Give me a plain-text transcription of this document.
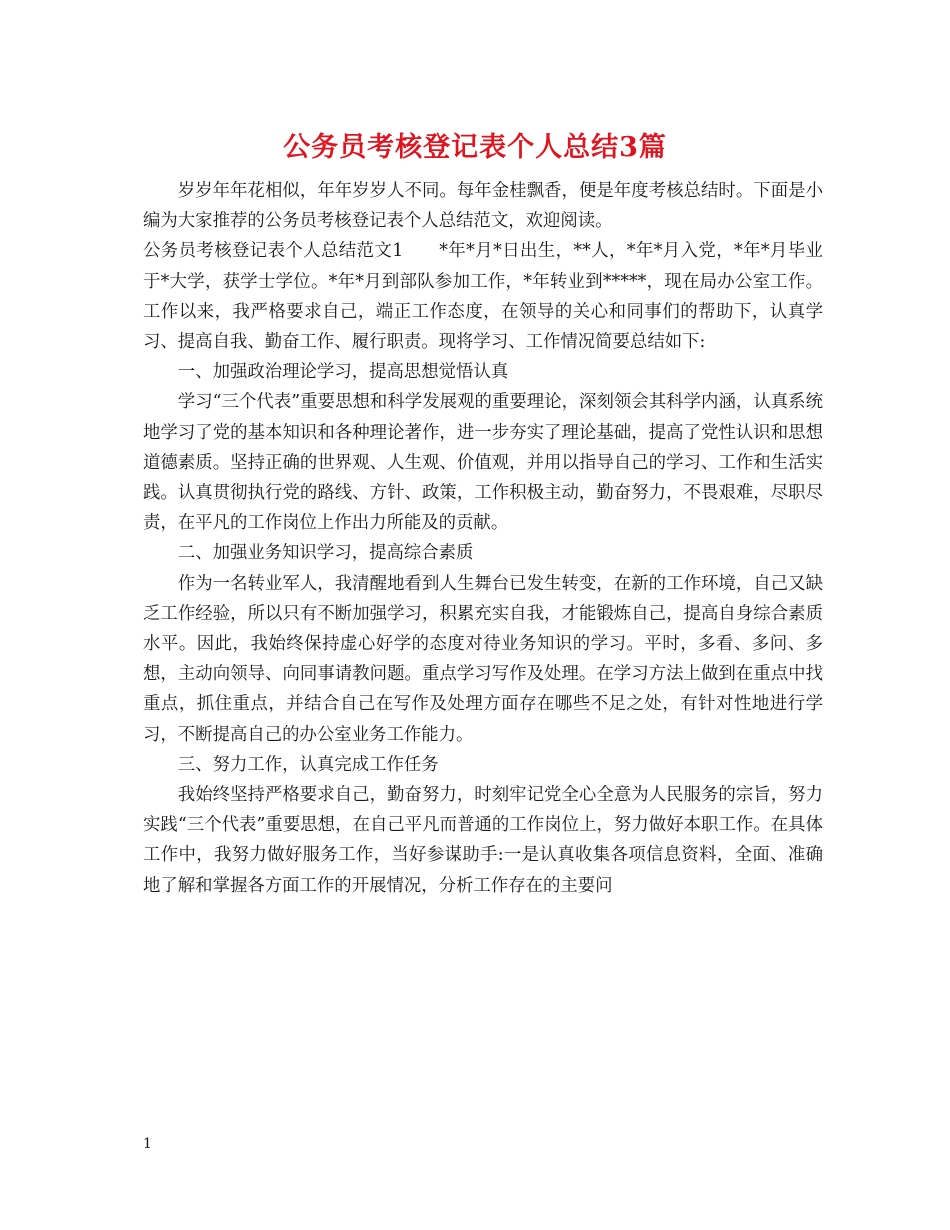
公务员考核登记表个人总结3篇

岁岁年年花相似，年年岁岁人不同。每年金桂飘香，便是年度考核总结时。下面是小编为大家推荐的公务员考核登记表个人总结范文，欢迎阅读。

公务员考核登记表个人总结范文1　　*年*月*日出生，**人，*年*月入党，*年*月毕业于*大学，获学士学位。*年*月到部队参加工作，*年转业到*****，现在局办公室工作。工作以来，我严格要求自己，端正工作态度，在领导的关心和同事们的帮助下，认真学习、提高自我、勤奋工作、履行职责。现将学习、工作情况简要总结如下:

一、加强政治理论学习，提高思想觉悟认真

学习“三个代表”重要思想和科学发展观的重要理论，深刻领会其科学内涵，认真系统地学习了党的基本知识和各种理论著作，进一步夯实了理论基础，提高了党性认识和思想道德素质。坚持正确的世界观、人生观、价值观，并用以指导自己的学习、工作和生活实践。认真贯彻执行党的路线、方针、政策，工作积极主动，勤奋努力，不畏艰难，尽职尽责，在平凡的工作岗位上作出力所能及的贡献。

二、加强业务知识学习，提高综合素质

作为一名转业军人，我清醒地看到人生舞台已发生转变，在新的工作环境，自己又缺乏工作经验，所以只有不断加强学习，积累充实自我，才能锻炼自己，提高自身综合素质水平。因此，我始终保持虚心好学的态度对待业务知识的学习。平时，多看、多问、多想，主动向领导、向同事请教问题。重点学习写作及处理。在学习方法上做到在重点中找重点，抓住重点，并结合自己在写作及处理方面存在哪些不足之处，有针对性地进行学习，不断提高自己的办公室业务工作能力。

三、努力工作，认真完成工作任务

我始终坚持严格要求自己，勤奋努力，时刻牢记党全心全意为人民服务的宗旨，努力实践“三个代表”重要思想，在自己平凡而普通的工作岗位上，努力做好本职工作。在具体工作中，我努力做好服务工作，当好参谋助手:一是认真收集各项信息资料，全面、准确地了解和掌握各方面工作的开展情况，分析工作存在的主要问

1
